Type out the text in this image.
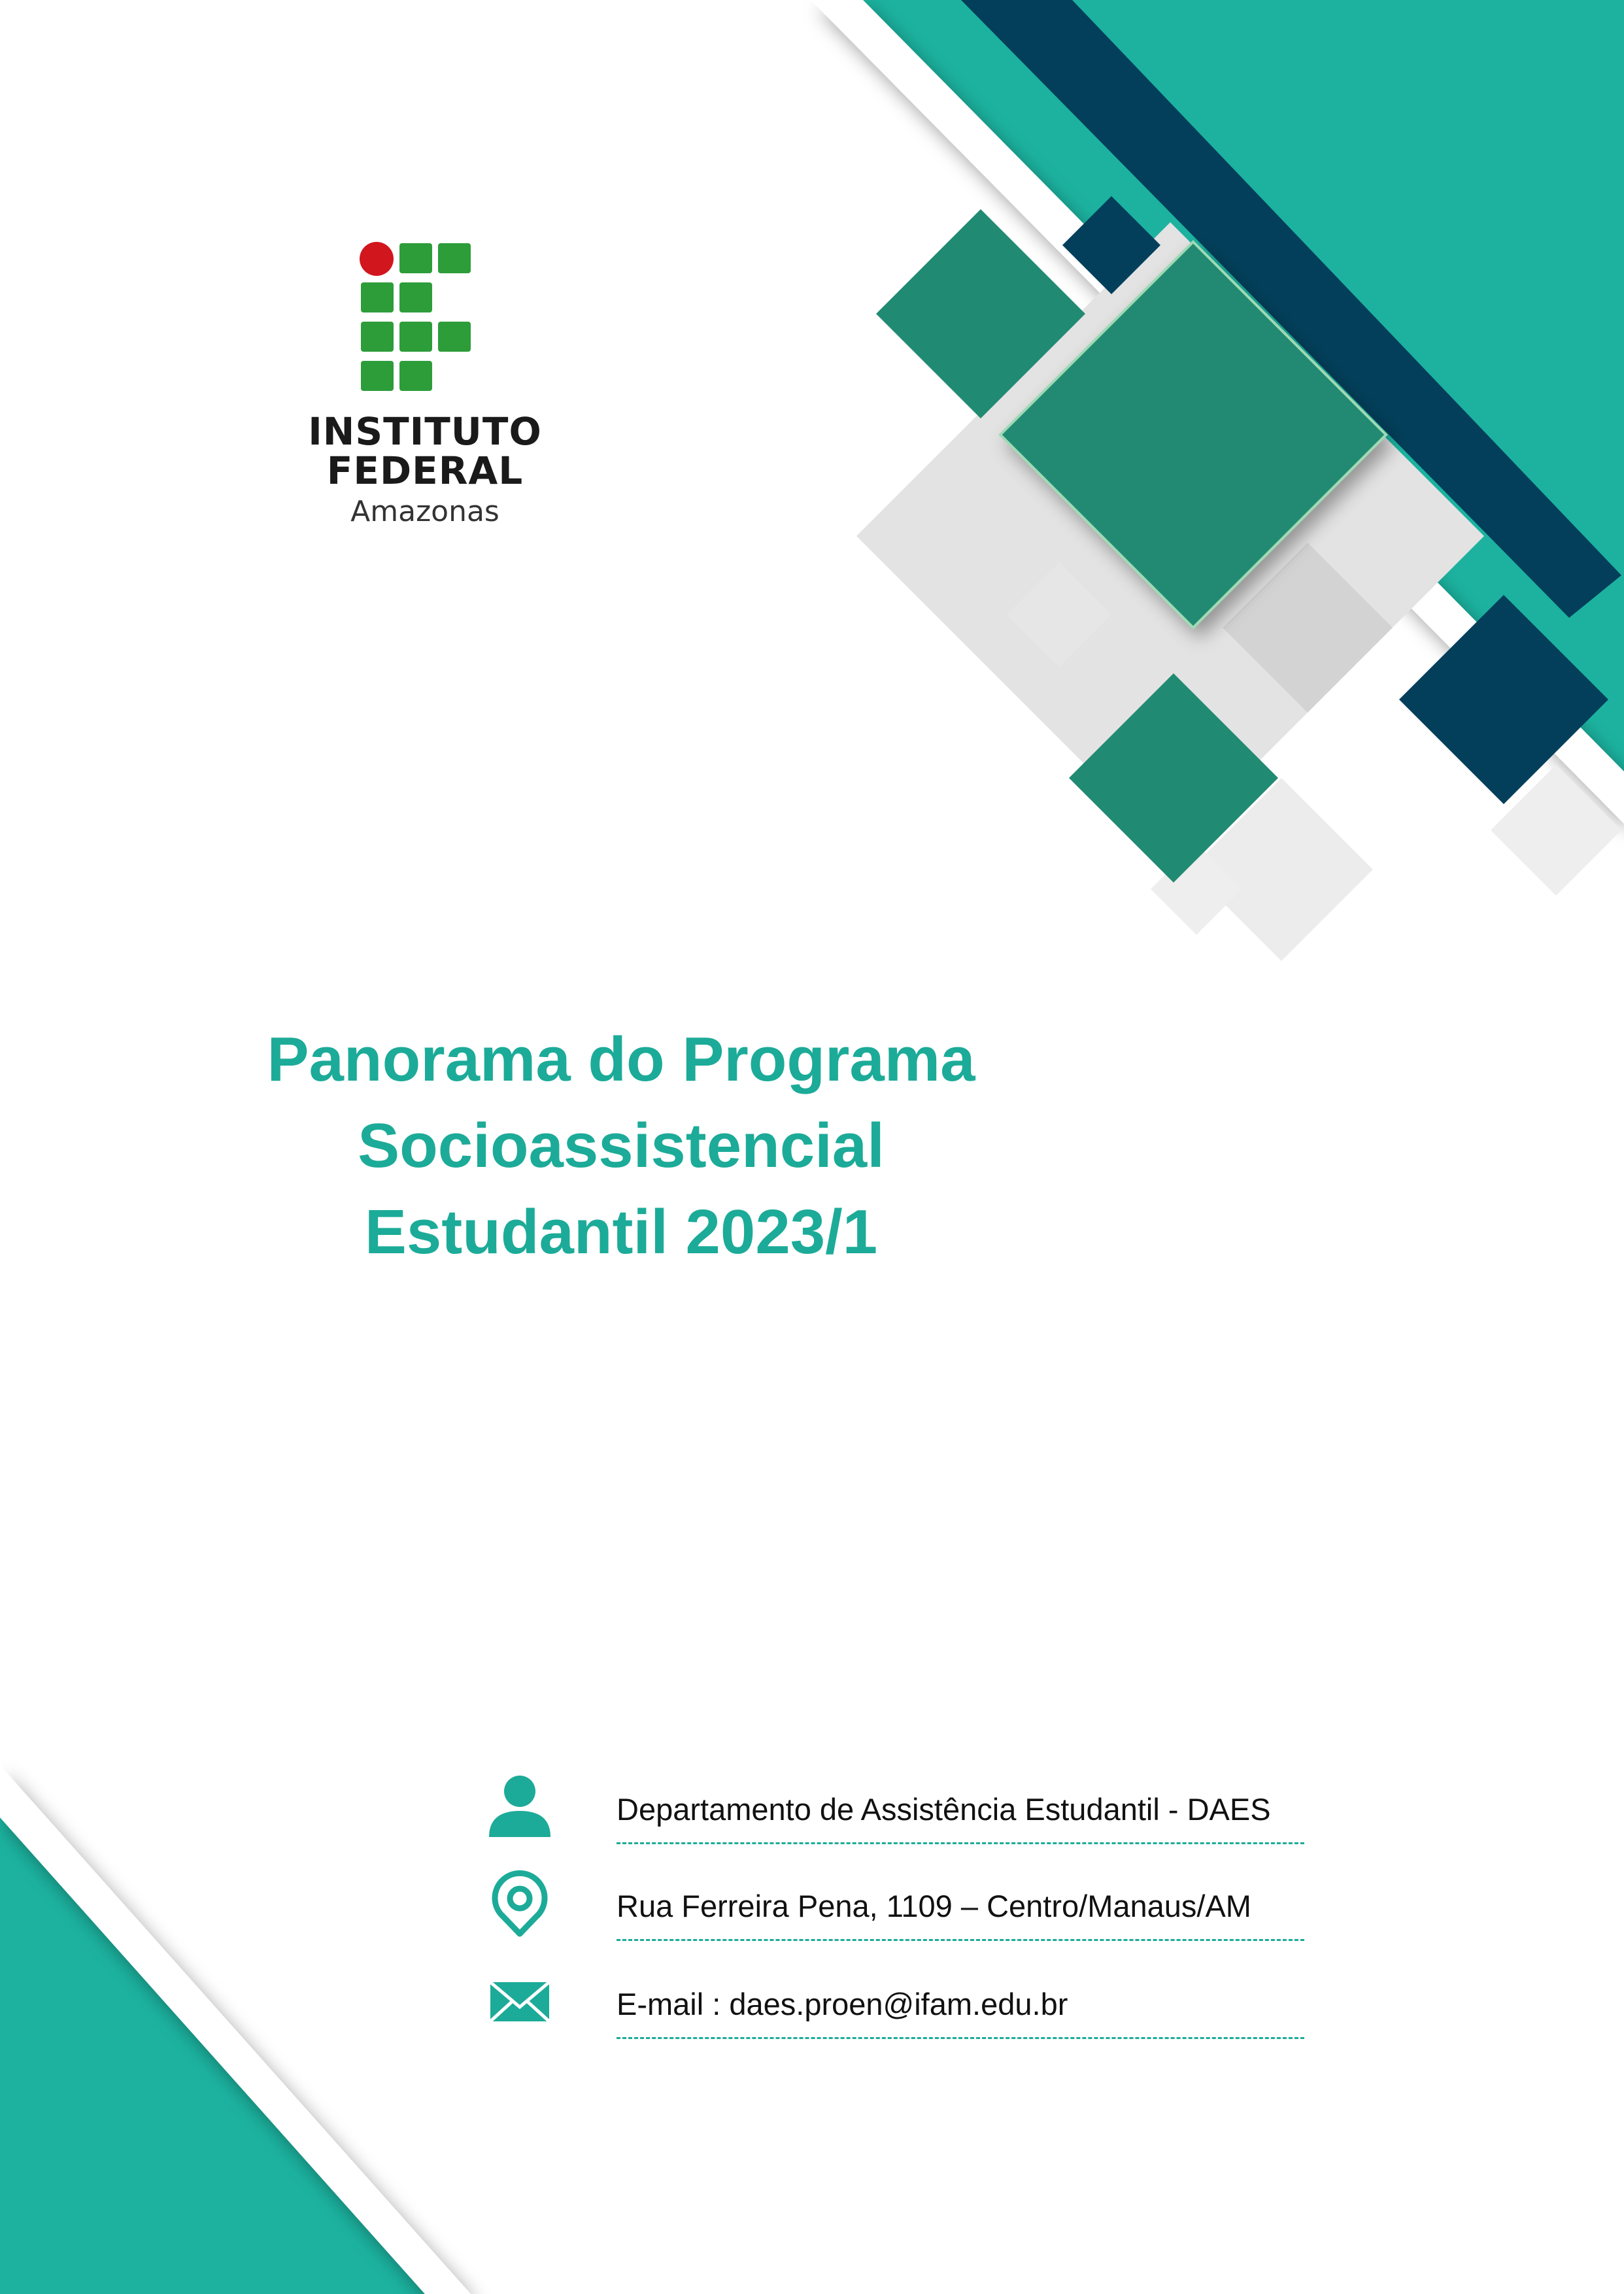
INSTITUTO
FEDERAL
Amazonas
Panorama do Programa
Socioassistencial
Estudantil 2023/1
Departamento de Assistência Estudantil - DAES
Rua Ferreira Pena, 1109 – Centro/Manaus/AM
E-mail : daes.proen@ifam.edu.br
